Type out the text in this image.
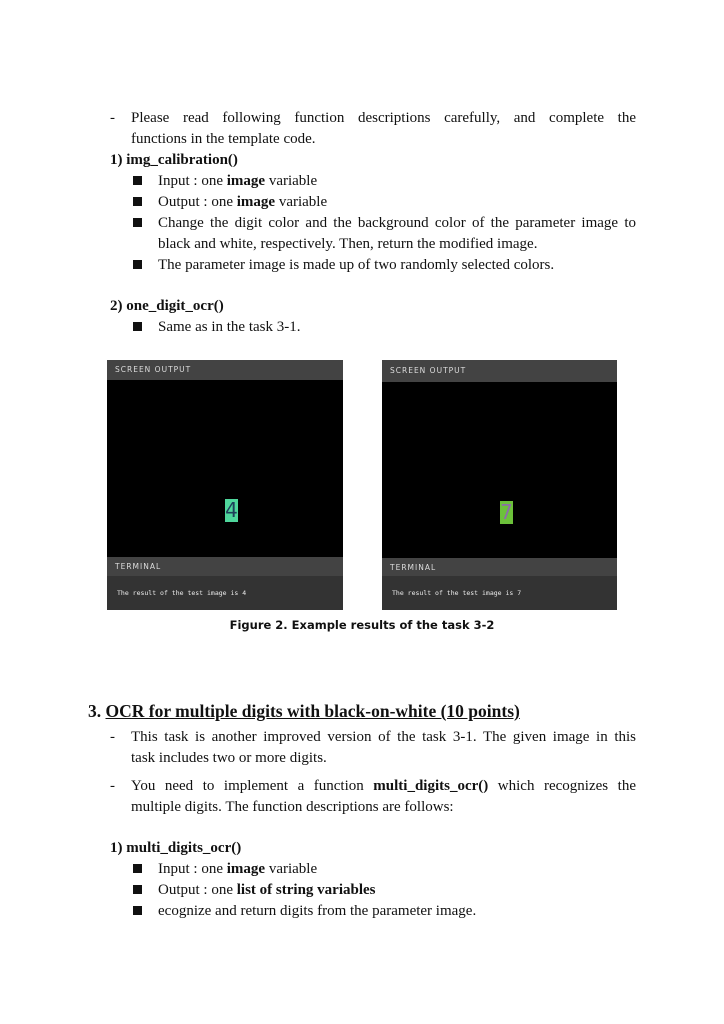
- Please read following function descriptions carefully, and complete the
functions in the template code.
1) img_calibration()
Input : one image variable
Output : one image variable
Change the digit color and the background color of the parameter image to
black and white, respectively. Then, return the modified image.
The parameter image is made up of two randomly selected colors.
2) one_digit_ocr()
Same as in the task 3-1.
SCREEN OUTPUT
4
TERMINAL
The result of the test image is 4
SCREEN OUTPUT
7
TERMINAL
The result of the test image is 7
Figure 2. Example results of the task 3-2
3. OCR for multiple digits with black-on-white (10 points)
- This task is another improved version of the task 3-1. The given image in this
task includes two or more digits.
- You need to implement a function multi_digits_ocr() which recognizes the
multiple digits. The function descriptions are follows:
1) multi_digits_ocr()
Input : one image variable
Output : one list of string variables
ecognize and return digits from the parameter image.
